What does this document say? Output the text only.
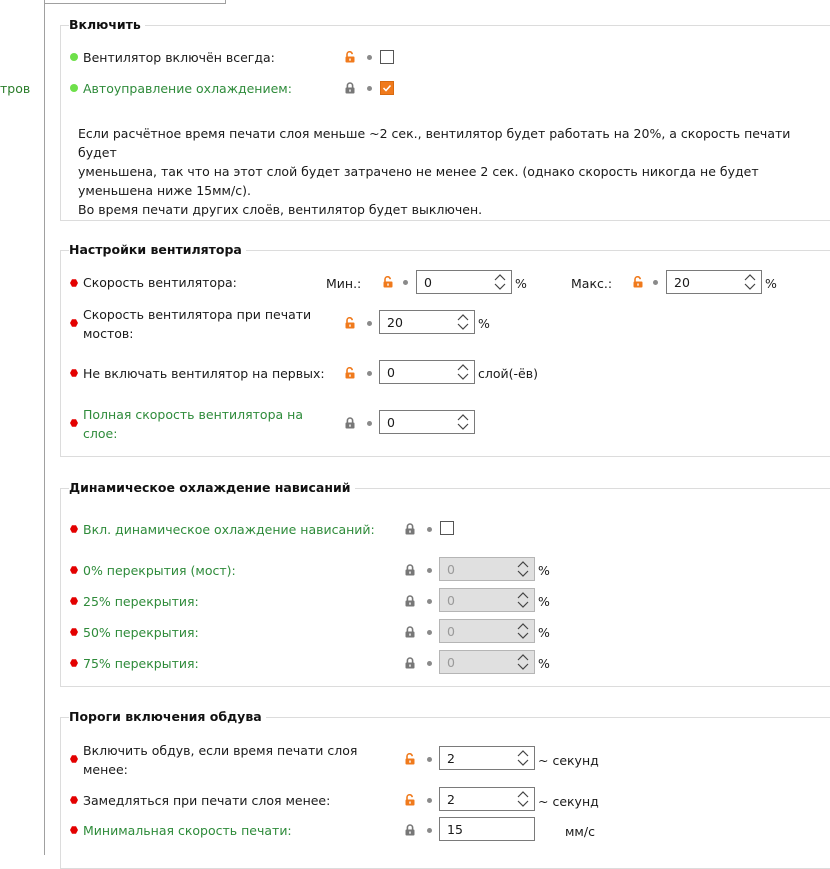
тров
Включить
Вентилятор включён всегда:
Автоуправление охлаждением:
Если расчётное время печати слоя меньше ~2 сек., вентилятор будет работать на 20%, а скорость печати будет
уменьшена, так что на этот слой будет затрачено не менее 2 сек. (однако скорость никогда не будет
уменьшена ниже 15мм/с).
Во время печати других слоёв, вентилятор будет выключен.
Настройки вентилятора
Скорость вентилятора:	Мин.:	0	%	Макс.:	20	%
Скорость вентилятора при печати
мостов:
20	%
Не включать вентилятор на первых:	0	слой(-ёв)
Полная скорость вентилятора на
слое:
0
Динамическое охлаждение нависаний
Вкл. динамическое охлаждение нависаний:
0% перекрытия (мост):	0	%
25% перекрытия:	0	%
50% перекрытия:	0	%
75% перекрытия:	0	%
Пороги включения обдува
Включить обдув, если время печати слоя
менее:
2	~ секунд
Замедляться при печати слоя менее:	2	~ секунд
Минимальная скорость печати:	15	мм/с
